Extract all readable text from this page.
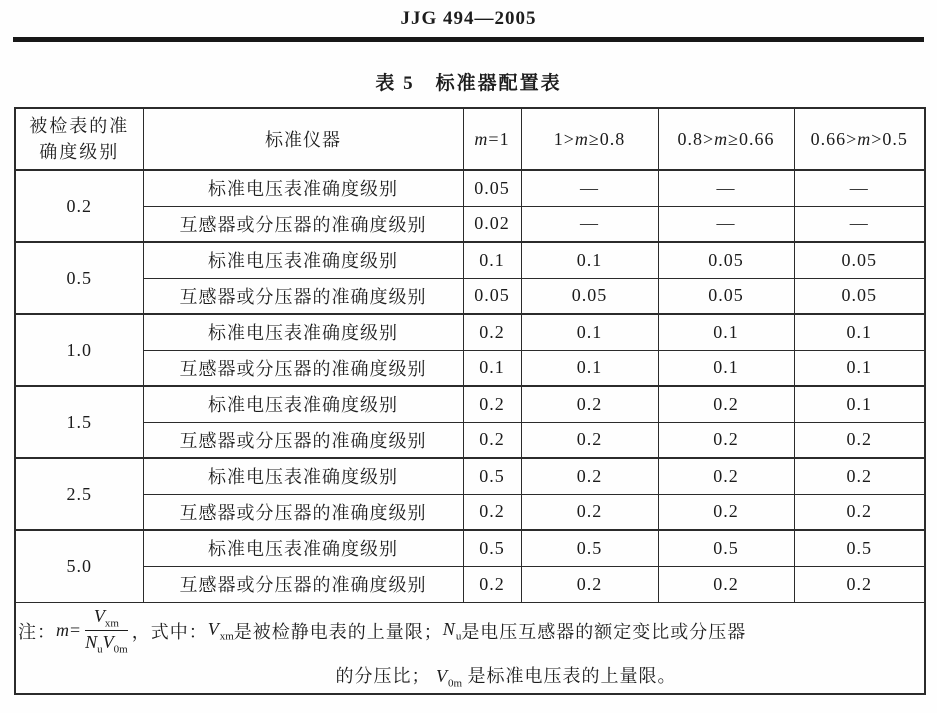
JJG 494—2005
表 5　标准器配置表
被检表的准
确度级别	标准仪器	m=1	1>m≥0.8	0.8>m≥0.66	0.66>m>0.5
0.2	标准电压表准确度级别	0.05	—	—	—
	互感器或分压器的准确度级别	0.02	—	—	—
0.5	标准电压表准确度级别	0.1	0.1	0.05	0.05
	互感器或分压器的准确度级别	0.05	0.05	0.05	0.05
1.0	标准电压表准确度级别	0.2	0.1	0.1	0.1
	互感器或分压器的准确度级别	0.1	0.1	0.1	0.1
1.5	标准电压表准确度级别	0.2	0.2	0.2	0.1
	互感器或分压器的准确度级别	0.2	0.2	0.2	0.2
2.5	标准电压表准确度级别	0.5	0.2	0.2	0.2
	互感器或分压器的准确度级别	0.2	0.2	0.2	0.2
5.0	标准电压表准确度级别	0.5	0.5	0.5	0.5
	互感器或分压器的准确度级别	0.2	0.2	0.2	0.2

注： $m= \frac{V_{xm}}{N_uV_{0m}}$ ，式中： $V_{xm}$ 是被检静电表的上量限； $N_u$ 是电压互感器的额定变比或分压器
的分压比； $V_{0m}$ 是标准电压表的上量限。
